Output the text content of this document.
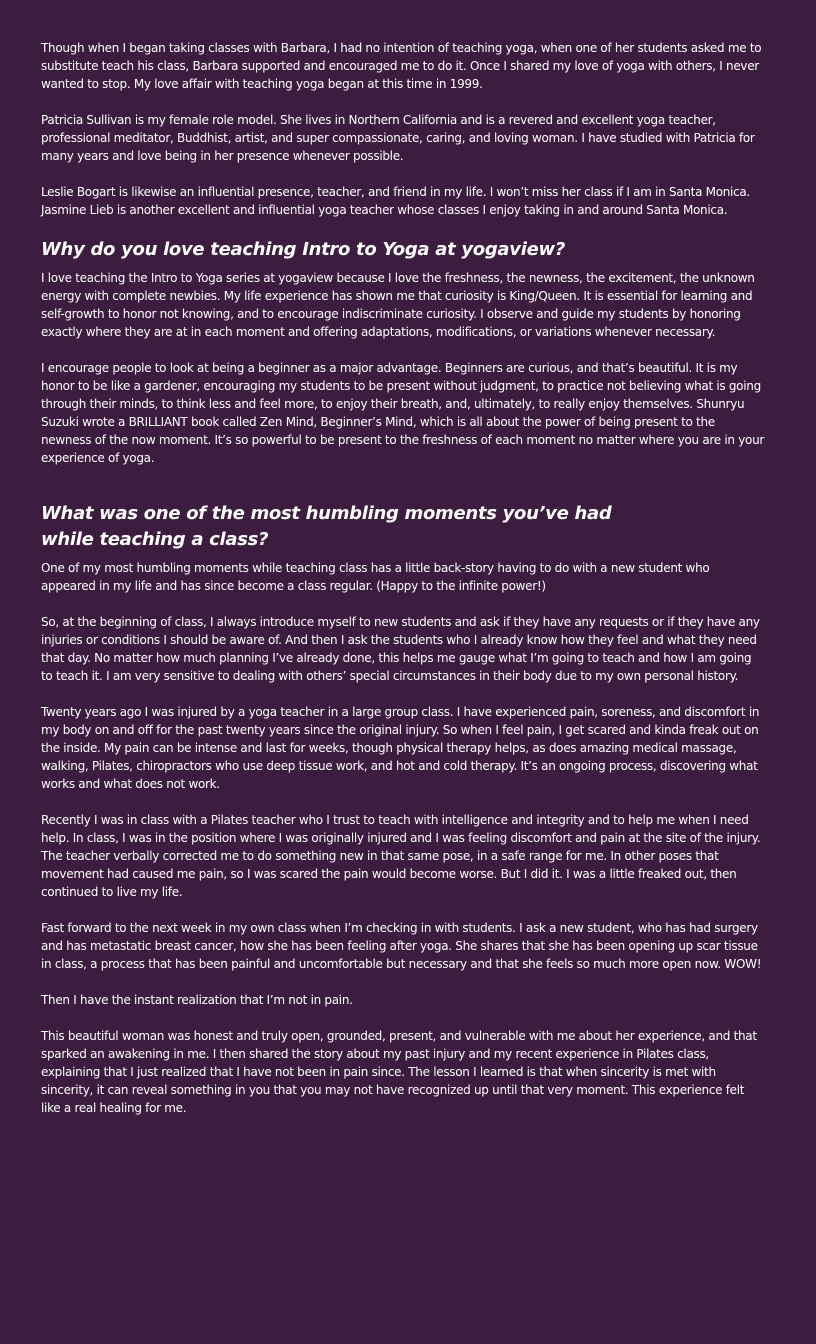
Though when I began taking classes with Barbara, I had no intention of teaching yoga, when one of her students asked me to substitute teach his class, Barbara supported and encouraged me to do it. Once I shared my love of yoga with others, I never wanted to stop. My love affair with teaching yoga began at this time in 1999.

Patricia Sullivan is my female role model. She lives in Northern California and is a revered and excellent yoga teacher, professional meditator, Buddhist, artist, and super compassionate, caring, and loving woman. I have studied with Patricia for many years and love being in her presence whenever possible.

Leslie Bogart is likewise an influential presence, teacher, and friend in my life. I won’t miss her class if I am in Santa Monica. Jasmine Lieb is another excellent and influential yoga teacher whose classes I enjoy taking in and around Santa Monica.

Why do you love teaching Intro to Yoga at yogaview?

I love teaching the Intro to Yoga series at yogaview because I love the freshness, the newness, the excitement, the unknown energy with complete newbies. My life experience has shown me that curiosity is King/Queen. It is essential for learning and self-growth to honor not knowing, and to encourage indiscriminate curiosity. I observe and guide my students by honoring exactly where they are at in each moment and offering adaptations, modifications, or variations whenever necessary.

I encourage people to look at being a beginner as a major advantage. Beginners are curious, and that’s beautiful. It is my honor to be like a gardener, encouraging my students to be present without judgment, to practice not believing what is going through their minds, to think less and feel more, to enjoy their breath, and, ultimately, to really enjoy themselves. Shunryu Suzuki wrote a BRILLIANT book called Zen Mind, Beginner’s Mind, which is all about the power of being present to the newness of the now moment. It’s so powerful to be present to the freshness of each moment no matter where you are in your experience of yoga.

What was one of the most humbling moments you’ve had while teaching a class?

One of my most humbling moments while teaching class has a little back-story having to do with a new student who appeared in my life and has since become a class regular. (Happy to the infinite power!)

So, at the beginning of class, I always introduce myself to new students and ask if they have any requests or if they have any injuries or conditions I should be aware of. And then I ask the students who I already know how they feel and what they need that day. No matter how much planning I’ve already done, this helps me gauge what I’m going to teach and how I am going to teach it. I am very sensitive to dealing with others’ special circumstances in their body due to my own personal history.

Twenty years ago I was injured by a yoga teacher in a large group class. I have experienced pain, soreness, and discomfort in my body on and off for the past twenty years since the original injury. So when I feel pain, I get scared and kinda freak out on the inside. My pain can be intense and last for weeks, though physical therapy helps, as does amazing medical massage, walking, Pilates, chiropractors who use deep tissue work, and hot and cold therapy. It’s an ongoing process, discovering what works and what does not work.

Recently I was in class with a Pilates teacher who I trust to teach with intelligence and integrity and to help me when I need help. In class, I was in the position where I was originally injured and I was feeling discomfort and pain at the site of the injury. The teacher verbally corrected me to do something new in that same pose, in a safe range for me. In other poses that movement had caused me pain, so I was scared the pain would become worse. But I did it. I was a little freaked out, then continued to live my life.

Fast forward to the next week in my own class when I’m checking in with students. I ask a new student, who has had surgery and has metastatic breast cancer, how she has been feeling after yoga. She shares that she has been opening up scar tissue in class, a process that has been painful and uncomfortable but necessary and that she feels so much more open now. WOW!

Then I have the instant realization that I’m not in pain.

This beautiful woman was honest and truly open, grounded, present, and vulnerable with me about her experience, and that sparked an awakening in me. I then shared the story about my past injury and my recent experience in Pilates class, explaining that I just realized that I have not been in pain since. The lesson I learned is that when sincerity is met with sincerity, it can reveal something in you that you may not have recognized up until that very moment. This experience felt like a real healing for me.
